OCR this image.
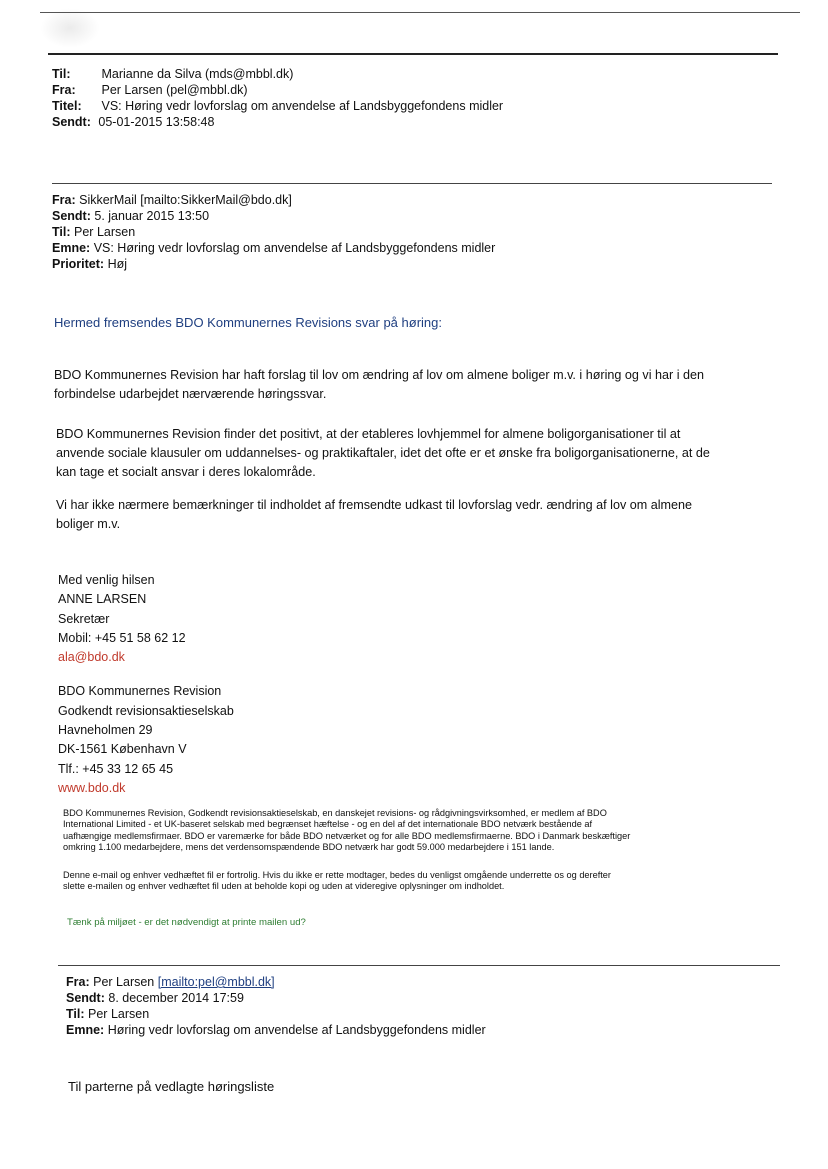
Til: Marianne da Silva (mds@mbbl.dk)
Fra: Per Larsen (pel@mbbl.dk)
Titel: VS: Høring vedr lovforslag om anvendelse af Landsbyggefondens midler
Sendt: 05-01-2015 13:58:48
Fra: SikkerMail [mailto:SikkerMail@bdo.dk]
Sendt: 5. januar 2015 13:50
Til: Per Larsen
Emne: VS: Høring vedr lovforslag om anvendelse af Landsbyggefondens midler
Prioritet: Høj
Hermed fremsendes BDO Kommunernes Revisions svar på høring:
BDO Kommunernes Revision har haft forslag til lov om ændring af lov om almene boliger m.v. i høring og vi har i den
forbindelse udarbejdet nærværende høringssvar.
BDO Kommunernes Revision finder det positivt, at der etableres lovhjemmel for almene boligorganisationer til at
anvende sociale klausuler om uddannelses- og praktikaftaler, idet det ofte er et ønske fra boligorganisationerne, at de
kan tage et socialt ansvar i deres lokalområde.
Vi har ikke nærmere bemærkninger til indholdet af fremsendte udkast til lovforslag vedr. ændring af lov om almene
boliger m.v.
Med venlig hilsen
ANNE LARSEN
Sekretær
Mobil: +45 51 58 62 12
ala@bdo.dk
BDO Kommunernes Revision
Godkendt revisionsaktieselskab
Havneholmen 29
DK-1561 København V
Tlf.: +45 33 12 65 45
www.bdo.dk
BDO Kommunernes Revision, Godkendt revisionsaktieselskab, en danskejet revisions- og rådgivningsvirksomhed, er medlem af BDO
International Limited - et UK-baseret selskab med begrænset hæftelse - og en del af det internationale BDO netværk bestående af
uafhængige medlemsfirmaer. BDO er varemærke for både BDO netværket og for alle BDO medlemsfirmaerne. BDO i Danmark beskæftiger
omkring 1.100 medarbejdere, mens det verdensomspændende BDO netværk har godt 59.000 medarbejdere i 151 lande.
Denne e-mail og enhver vedhæftet fil er fortrolig. Hvis du ikke er rette modtager, bedes du venligst omgående underrette os og derefter
slette e-mailen og enhver vedhæftet fil uden at beholde kopi og uden at videregive oplysninger om indholdet.
Tænk på miljøet - er det nødvendigt at printe mailen ud?
Fra: Per Larsen [mailto:pel@mbbl.dk]
Sendt: 8. december 2014 17:59
Til: Per Larsen
Emne: Høring vedr lovforslag om anvendelse af Landsbyggefondens midler
Til parterne på vedlagte høringsliste
